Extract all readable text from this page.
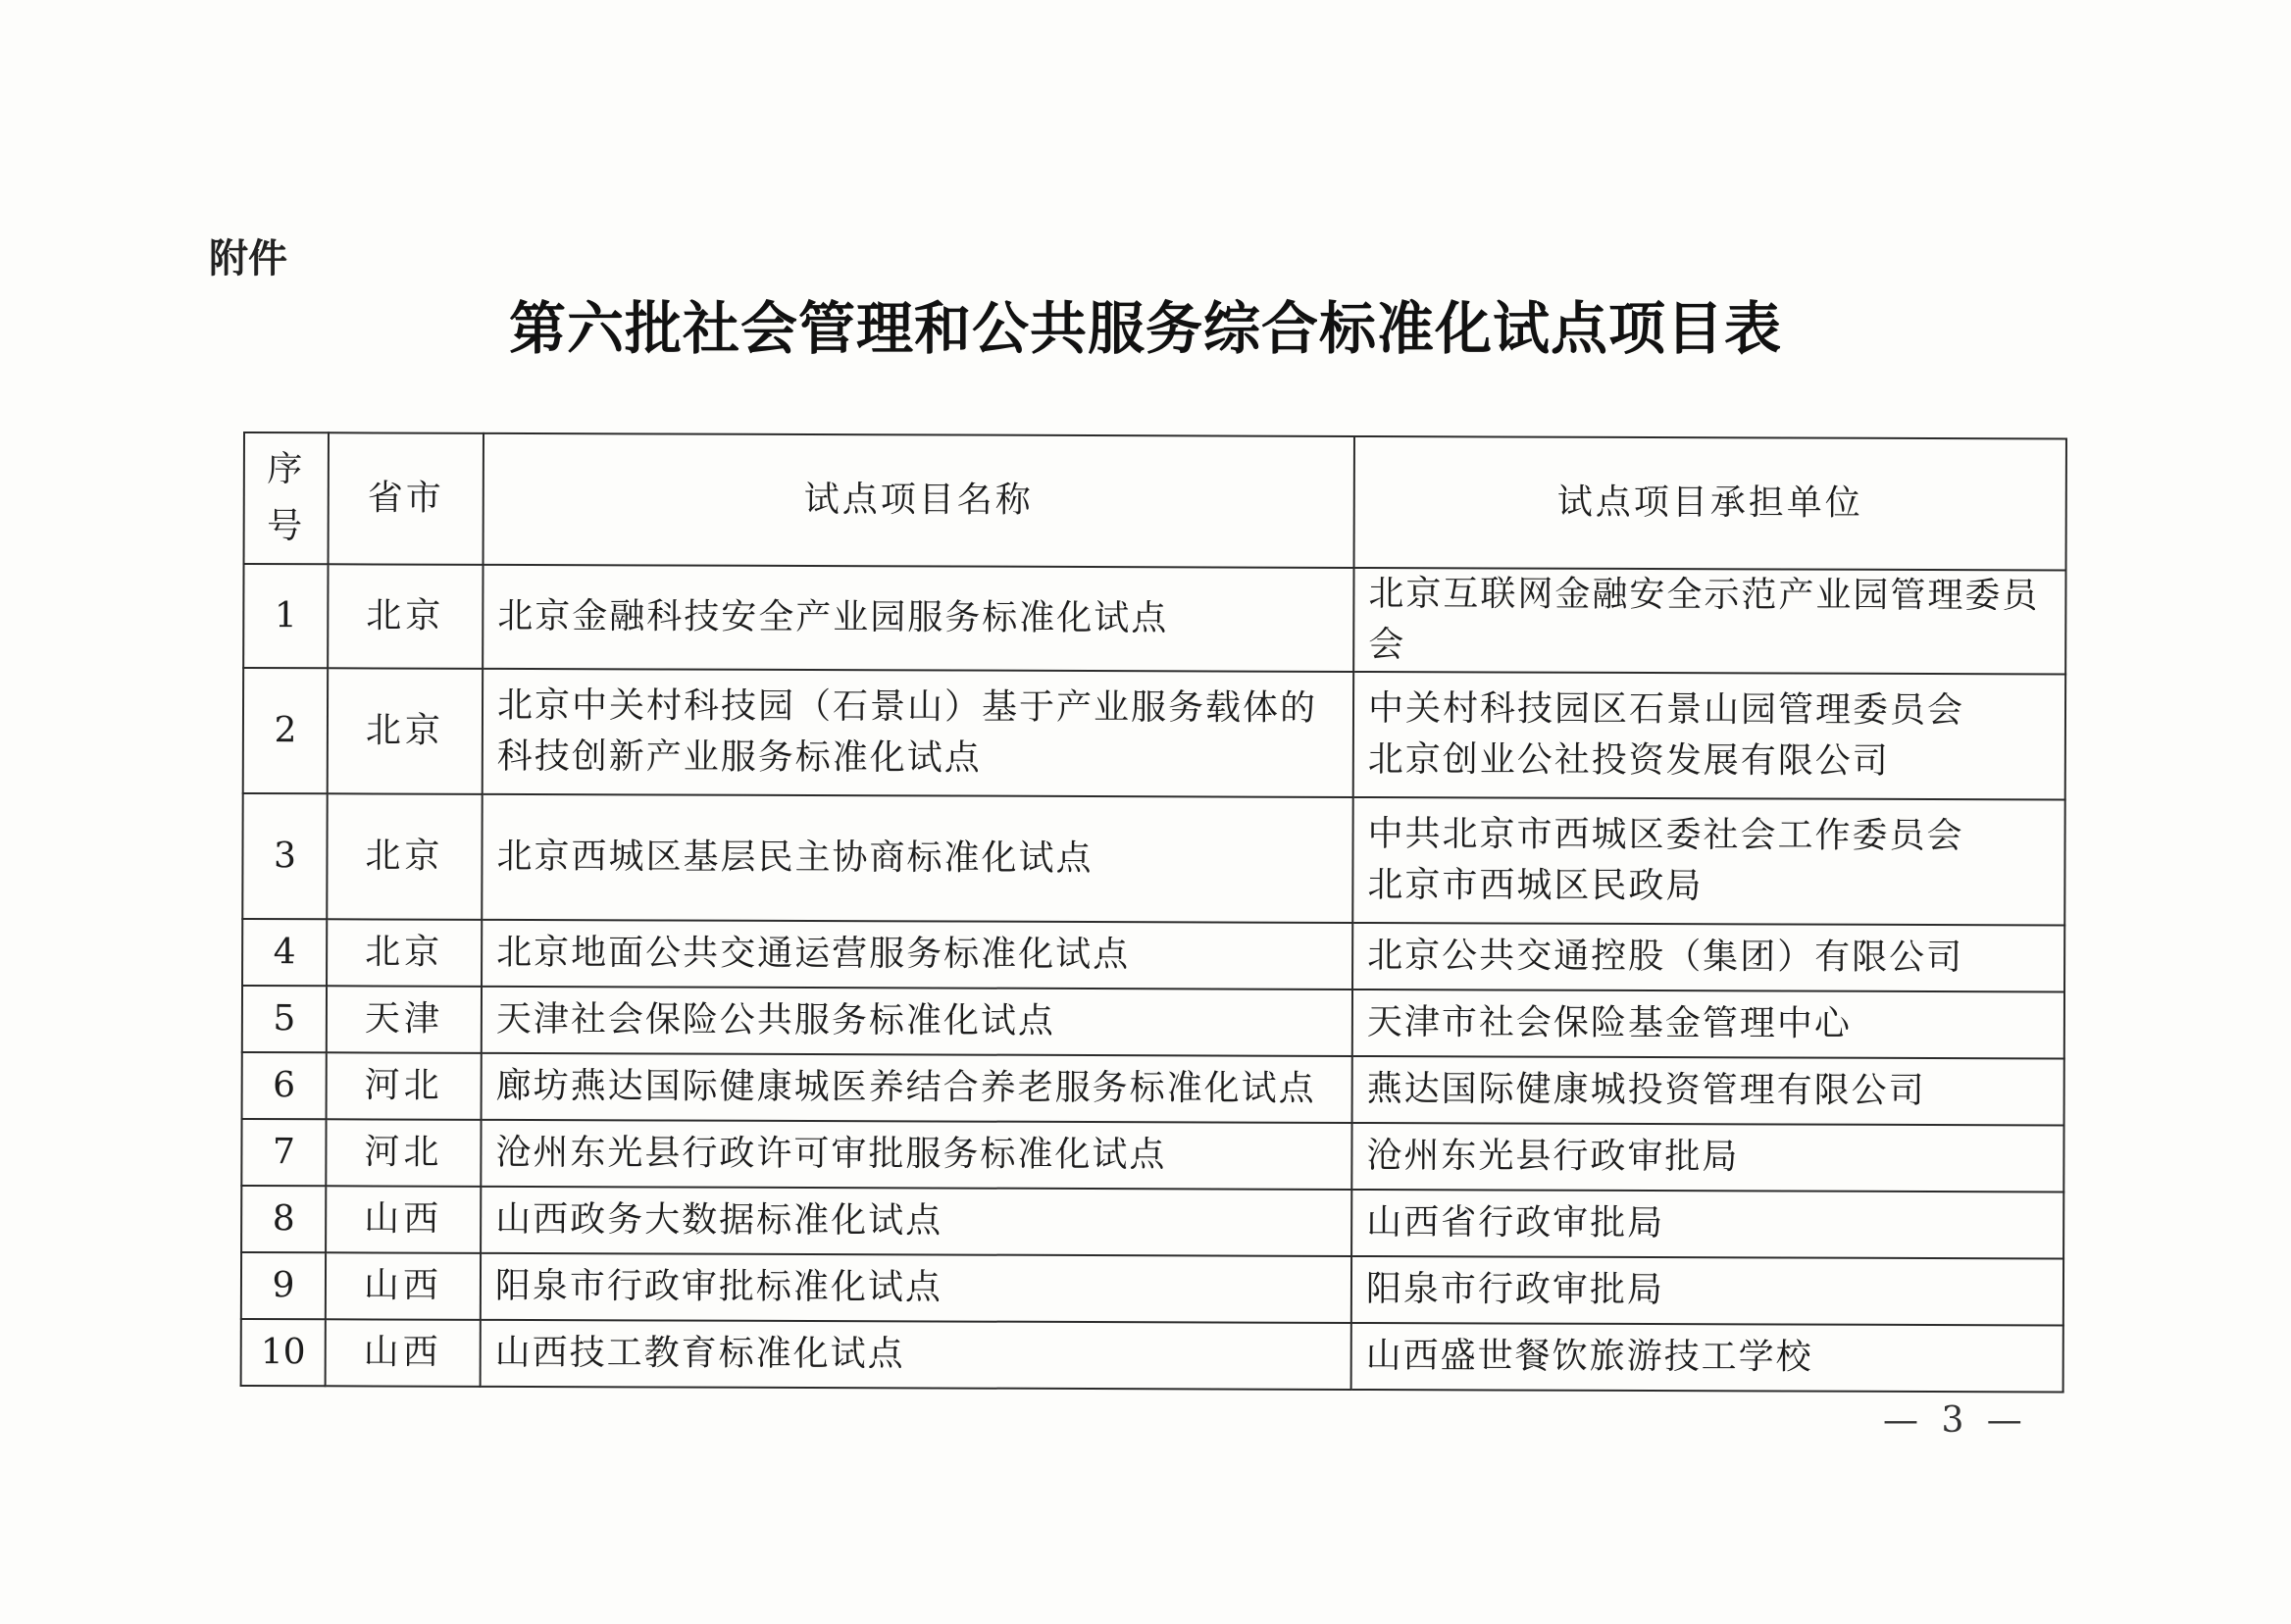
附件
第六批社会管理和公共服务综合标准化试点项目表
序
号	省市	试点项目名称	试点项目承担单位
1	北京	北京金融科技安全产业园服务标准化试点	北京互联网金融安全示范产业园管理委员会

2	北京	北京中关村科技园（石景山）基于产业服务载体的科技创新产业服务标准化试点	中关村科技园区石景山园管理委员会
北京创业公社投资发展有限公司

3	北京	北京西城区基层民主协商标准化试点	中共北京市西城区委社会工作委员会
北京市西城区民政局

4	北京	北京地面公共交通运营服务标准化试点	北京公共交通控股（集团）有限公司

5	天津	天津社会保险公共服务标准化试点	天津市社会保险基金管理中心

6	河北	廊坊燕达国际健康城医养结合养老服务标准化试点	燕达国际健康城投资管理有限公司

7	河北	沧州东光县行政许可审批服务标准化试点	沧州东光县行政审批局

8	山西	山西政务大数据标准化试点	山西省行政审批局

9	山西	阳泉市行政审批标准化试点	阳泉市行政审批局

10	山西	山西技工教育标准化试点	山西盛世餐饮旅游技工学校
— 3 —
